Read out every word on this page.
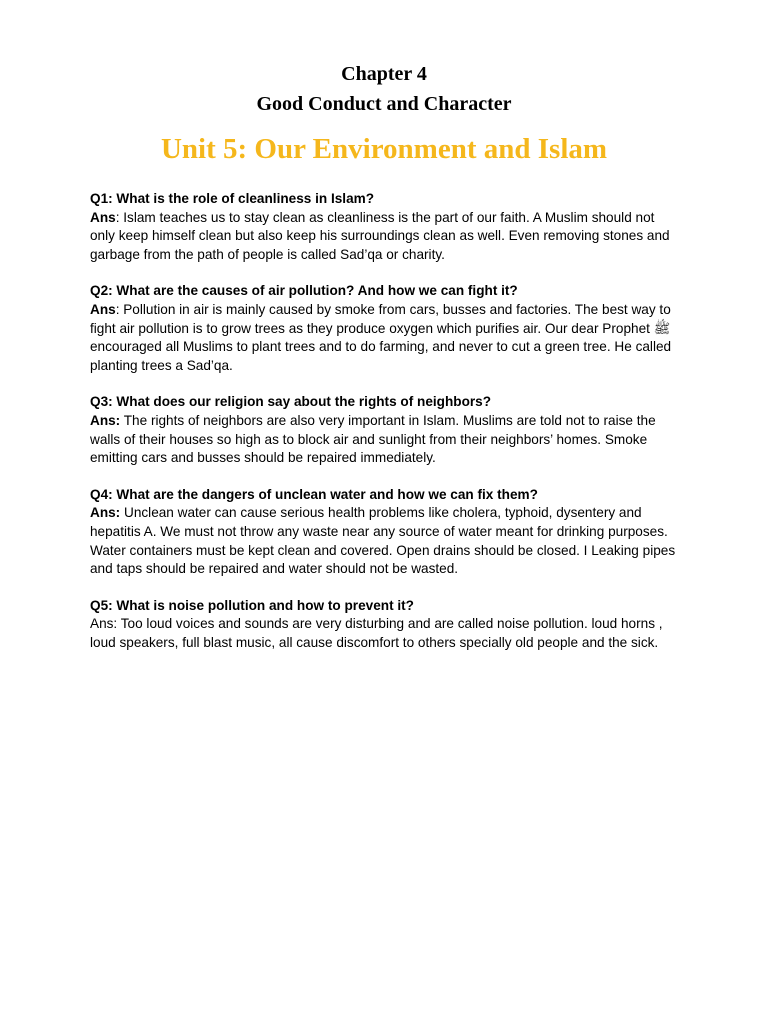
Chapter 4
Good Conduct and Character
Unit 5: Our Environment and Islam
Q1: What is the role of cleanliness in Islam?
Ans: Islam teaches us to stay clean as cleanliness is the part of our faith. A Muslim should not only keep himself clean but also keep his surroundings clean as well. Even removing stones and garbage from the path of people is called Sad’qa or charity.
Q2: What are the causes of air pollution? And how we can fight it?
Ans: Pollution in air is mainly caused by smoke from cars, busses and factories. The best way to fight air pollution is to grow trees as they produce oxygen which purifies air. Our dear Prophet ﷺ encouraged all Muslims to plant trees and to do farming, and never to cut a green tree. He called planting trees a Sad’qa.
Q3: What does our religion say about the rights of neighbors?
Ans: The rights of neighbors are also very important in Islam. Muslims are told not to raise the walls of their houses so high as to block air and sunlight from their neighbors’ homes. Smoke emitting cars and busses should be repaired immediately.
Q4: What are the dangers of unclean water and how we can fix them?
Ans: Unclean water can cause serious health problems like cholera, typhoid, dysentery and hepatitis A. We must not throw any waste near any source of water meant for drinking purposes. Water containers must be kept clean and covered. Open drains should be closed. I Leaking pipes and taps should be repaired and water should not be wasted.
Q5: What is noise pollution and how to prevent it?
Ans: Too loud voices and sounds are very disturbing and are called noise pollution. loud horns , loud speakers, full blast music, all cause discomfort to others specially old people and the sick.
